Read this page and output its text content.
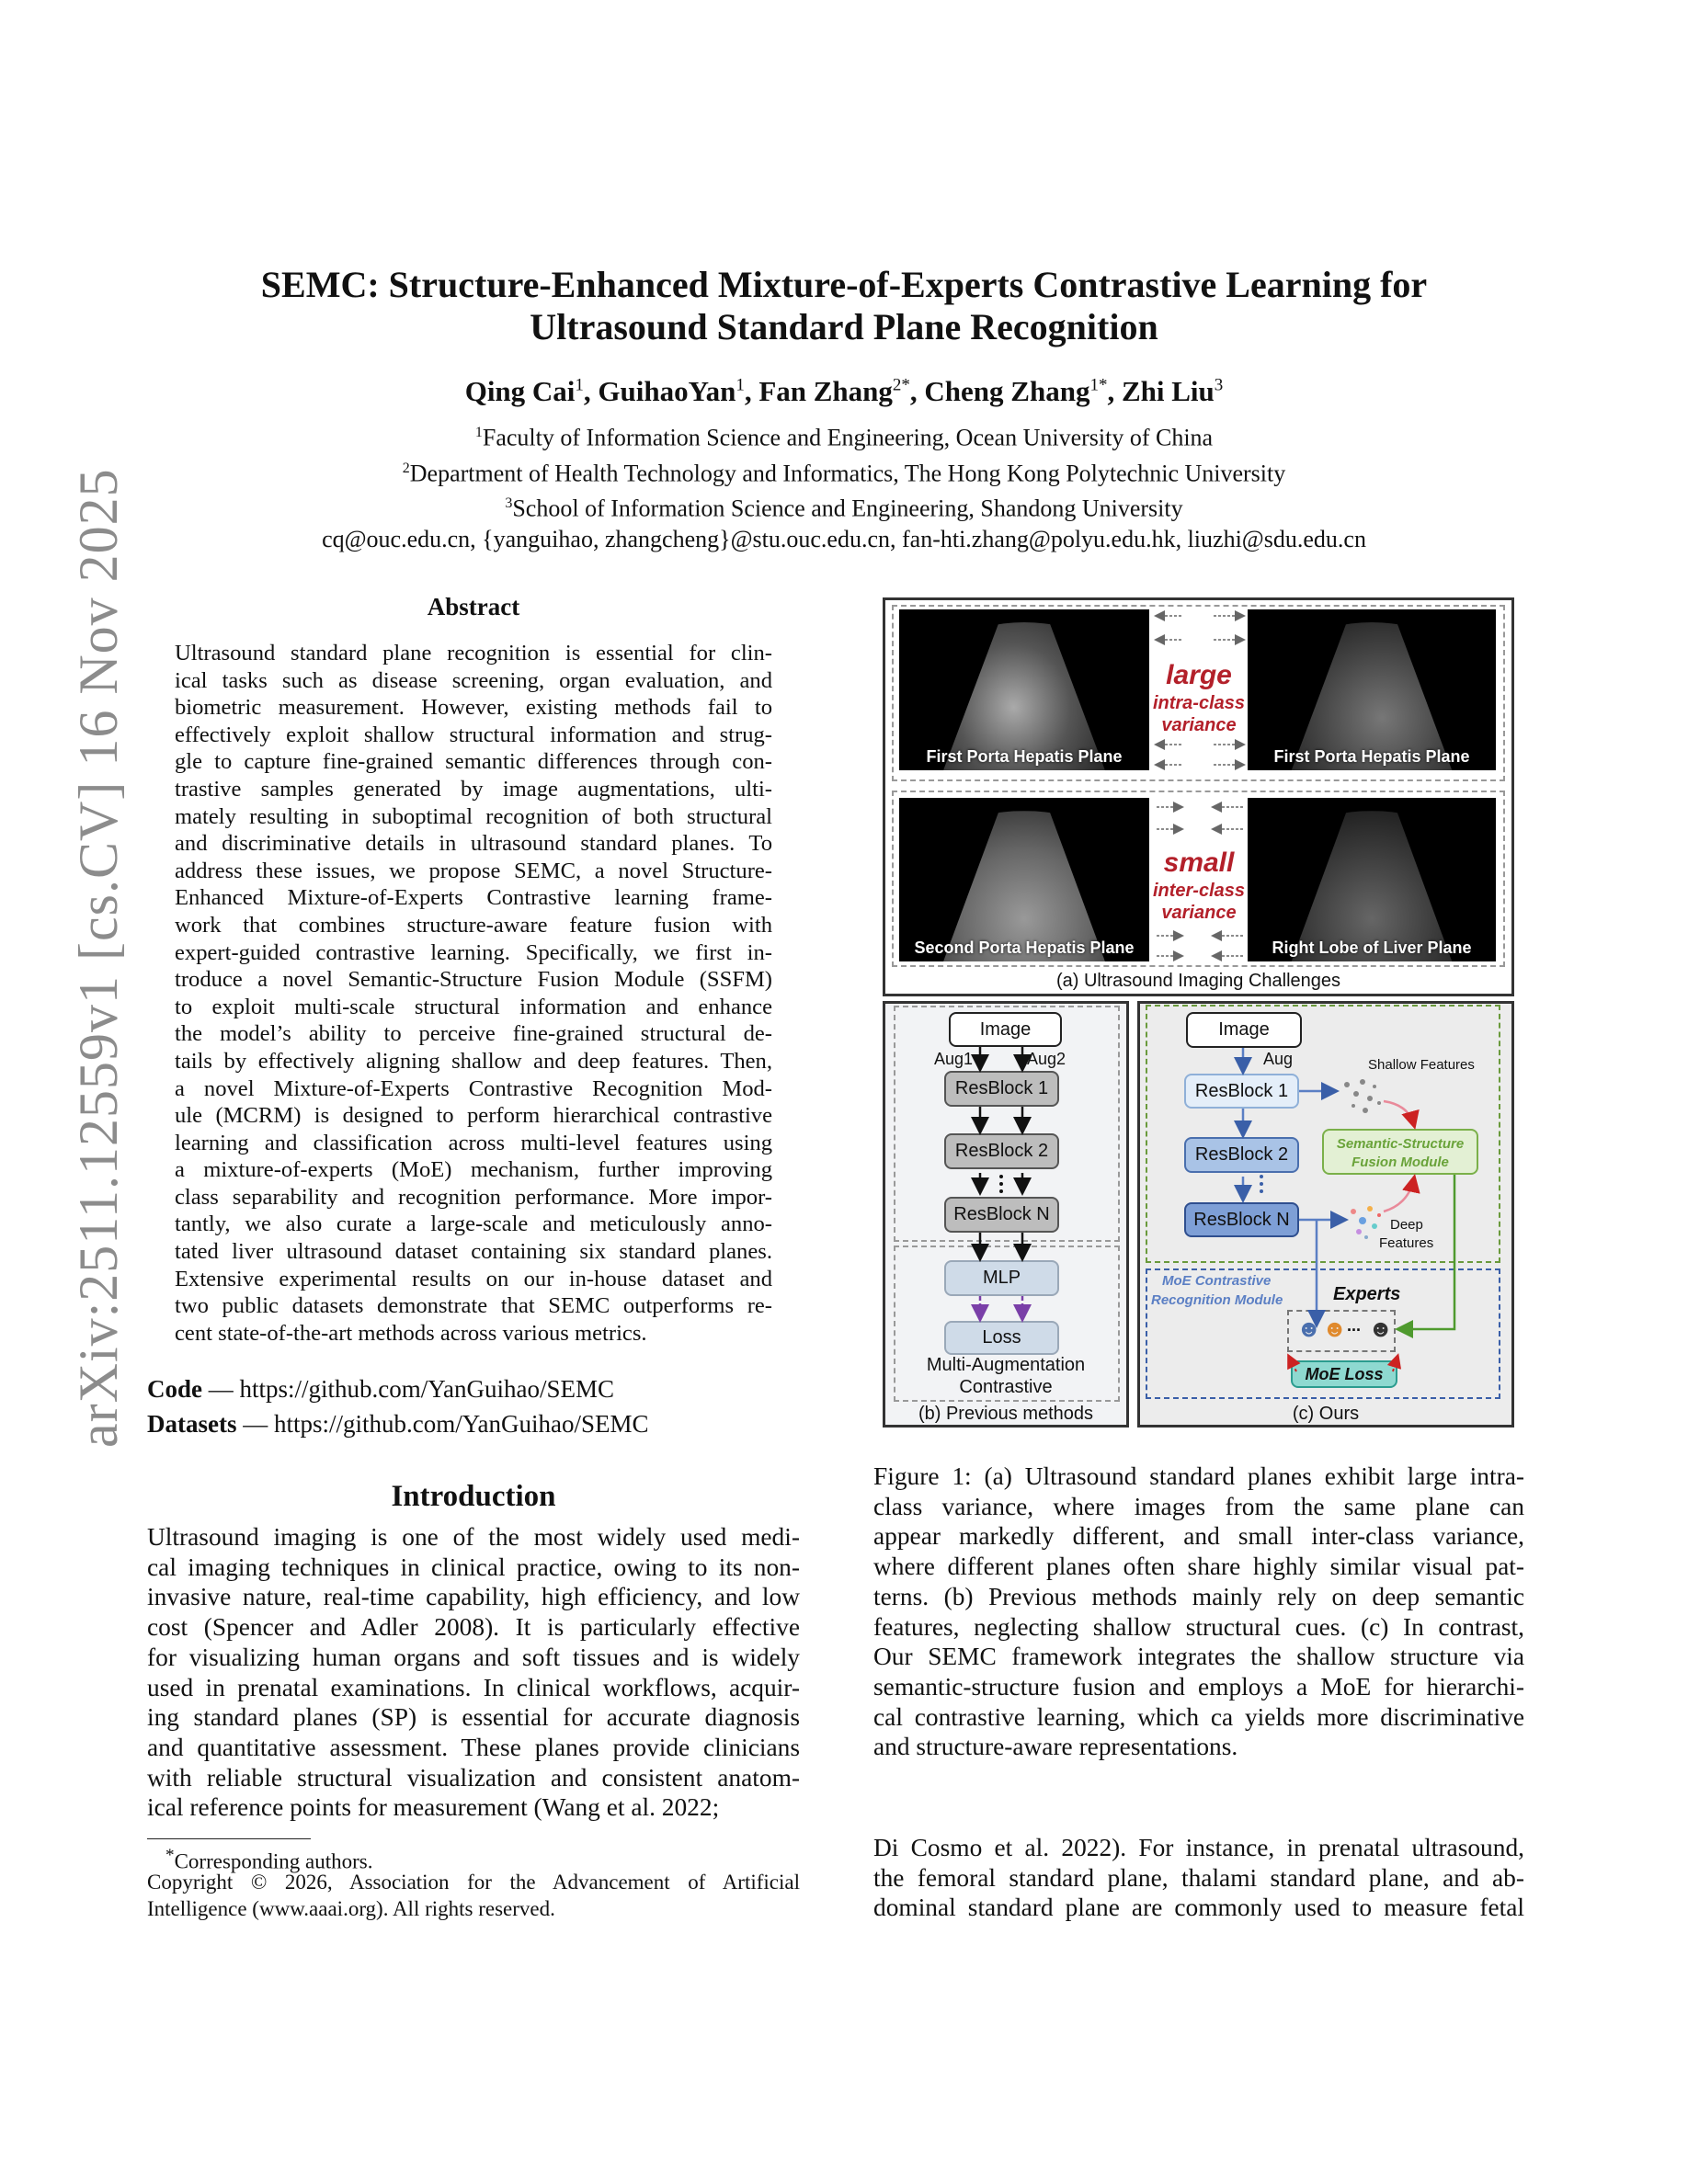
arXiv:2511.12559v1 [cs.CV] 16 Nov 2025
SEMC: Structure-Enhanced Mixture-of-Experts Contrastive Learning for
Ultrasound Standard Plane Recognition
Qing Cai$^1$, GuihaoYan$^1$, Fan Zhang$^{2*}$, Cheng Zhang$^{1*}$, Zhi Liu$^3$
$^1$Faculty of Information Science and Engineering, Ocean University of China
$^2$Department of Health Technology and Informatics, The Hong Kong Polytechnic University
$^3$School of Information Science and Engineering, Shandong University
cq@ouc.edu.cn, {yanguihao, zhangcheng}@stu.ouc.edu.cn, fan-hti.zhang@polyu.edu.hk, liuzhi@sdu.edu.cn
Abstract
Ultrasound standard plane recognition is essential for clin-
ical tasks such as disease screening, organ evaluation, and
biometric measurement. However, existing methods fail to
effectively exploit shallow structural information and strug-
gle to capture fine-grained semantic differences through con-
trastive samples generated by image augmentations, ulti-
mately resulting in suboptimal recognition of both structural
and discriminative details in ultrasound standard planes. To
address these issues, we propose SEMC, a novel Structure-
Enhanced Mixture-of-Experts Contrastive learning frame-
work that combines structure-aware feature fusion with
expert-guided contrastive learning. Specifically, we first in-
troduce a novel Semantic-Structure Fusion Module (SSFM)
to exploit multi-scale structural information and enhance
the model’s ability to perceive fine-grained structural de-
tails by effectively aligning shallow and deep features. Then,
a novel Mixture-of-Experts Contrastive Recognition Mod-
ule (MCRM) is designed to perform hierarchical contrastive
learning and classification across multi-level features using
a mixture-of-experts (MoE) mechanism, further improving
class separability and recognition performance. More impor-
tantly, we also curate a large-scale and meticulously anno-
tated liver ultrasound dataset containing six standard planes.
Extensive experimental results on our in-house dataset and
two public datasets demonstrate that SEMC outperforms re-
cent state-of-the-art methods across various metrics.
Code — https://github.com/YanGuihao/SEMC
Datasets — https://github.com/YanGuihao/SEMC
Introduction
Ultrasound imaging is one of the most widely used medi-
cal imaging techniques in clinical practice, owing to its non-
invasive nature, real-time capability, high efficiency, and low
cost (Spencer and Adler 2008). It is particularly effective
for visualizing human organs and soft tissues and is widely
used in prenatal examinations. In clinical workflows, acquir-
ing standard planes (SP) is essential for accurate diagnosis
and quantitative assessment. These planes provide clinicians
with reliable structural visualization and consistent anatom-
ical reference points for measurement (Wang et al. 2022;
*Corresponding authors.
Copyright © 2026, Association for the Advancement of Artificial
Intelligence (www.aaai.org). All rights reserved.
First Porta Hepatis Plane	First Porta Hepatis Plane
Second Porta Hepatis Plane	Right Lobe of Liver Plane
large
intra-class
variance
small
inter-class
variance
(a) Ultrasound Imaging Challenges
Image
Aug1	Aug2
ResBlock 1
ResBlock 2
ResBlock N
MLP
Loss
Multi-Augmentation
Contrastive
(b) Previous methods
Image
Aug
ResBlock 1
ResBlock 2
ResBlock N
Shallow Features
Deep
Features
Semantic-Structure
Fusion Module
MoE Contrastive
Recognition Module	Experts
☻ ☻ ... ☻
MoE Loss
(c) Ours
Figure 1: (a) Ultrasound standard planes exhibit large intra-
class variance, where images from the same plane can
appear markedly different, and small inter-class variance,
where different planes often share highly similar visual pat-
terns. (b) Previous methods mainly rely on deep semantic
features, neglecting shallow structural cues. (c) In contrast,
Our SEMC framework integrates the shallow structure via
semantic-structure fusion and employs a MoE for hierarchi-
cal contrastive learning, which ca yields more discriminative
and structure-aware representations.
Di Cosmo et al. 2022). For instance, in prenatal ultrasound,
the femoral standard plane, thalami standard plane, and ab-
dominal standard plane are commonly used to measure fetal
